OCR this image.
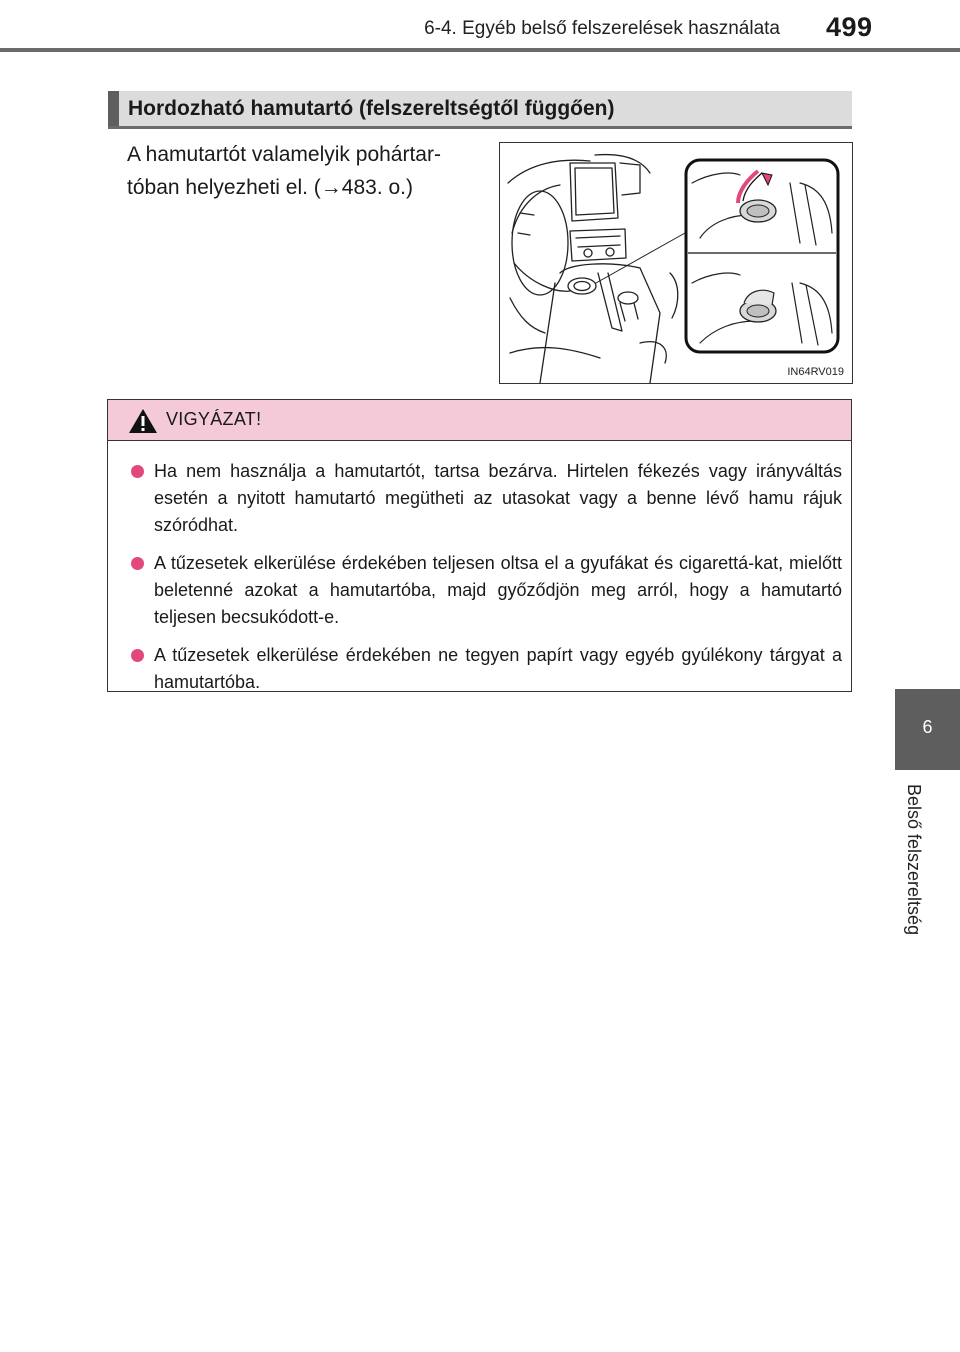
6-4. Egyéb belső felszerelések használata 499
Hordozható hamutartó (felszereltségtől függően)
A hamutartót valamelyik pohártar-
tóban helyezheti el. (→483. o.)
IN64RV019
VIGYÁZAT!
Ha nem használja a hamutartót, tartsa bezárva. Hirtelen fékezés vagy irányváltás esetén a nyitott hamutartó megütheti az utasokat vagy a benne lévő hamu rájuk szóródhat.
A tűzesetek elkerülése érdekében teljesen oltsa el a gyufákat és cigarettá-kat, mielőtt beletenné azokat a hamutartóba, majd győződjön meg arról, hogy a hamutartó teljesen becsukódott-e.
A tűzesetek elkerülése érdekében ne tegyen papírt vagy egyéb gyúlékony tárgyat a hamutartóba.
6
Belső felszereltség
